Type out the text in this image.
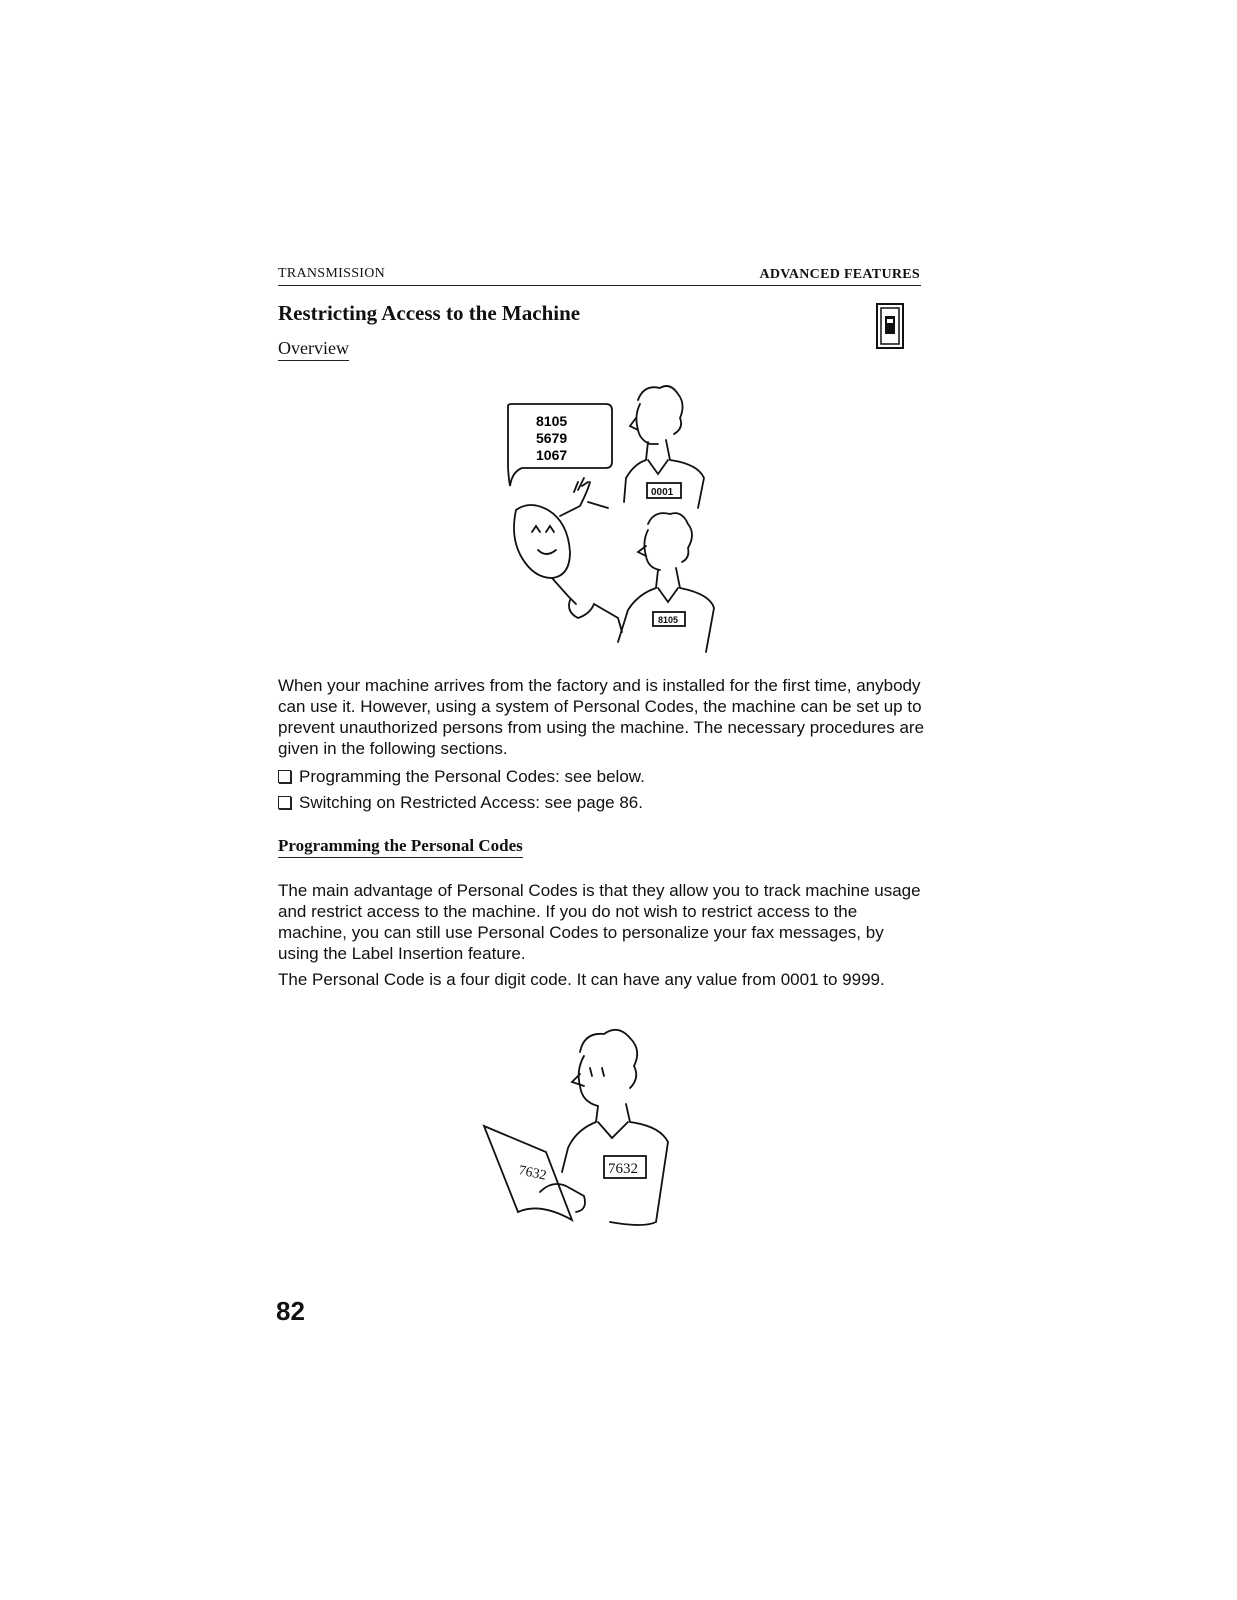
TRANSMISSION	ADVANCED FEATURES
Restricting Access to the Machine
Overview
8105
5679
1067
0001
8105

When your machine arrives from the factory and is installed for the first time, anybody can use it. However, using a system of Personal Codes, the machine can be set up to prevent unauthorized persons from using the machine. The necessary procedures are given in the following sections.

Programming the Personal Codes: see below.
Switching on Restricted Access: see page 86.
Programming the Personal Codes

The main advantage of Personal Codes is that they allow you to track machine usage and restrict access to the machine. If you do not wish to restrict access to the machine, you can still use Personal Codes to personalize your fax messages, by using the Label Insertion feature.

The Personal Code is a four digit code. It can have any value from 0001 to 9999.

7632	7632
82
